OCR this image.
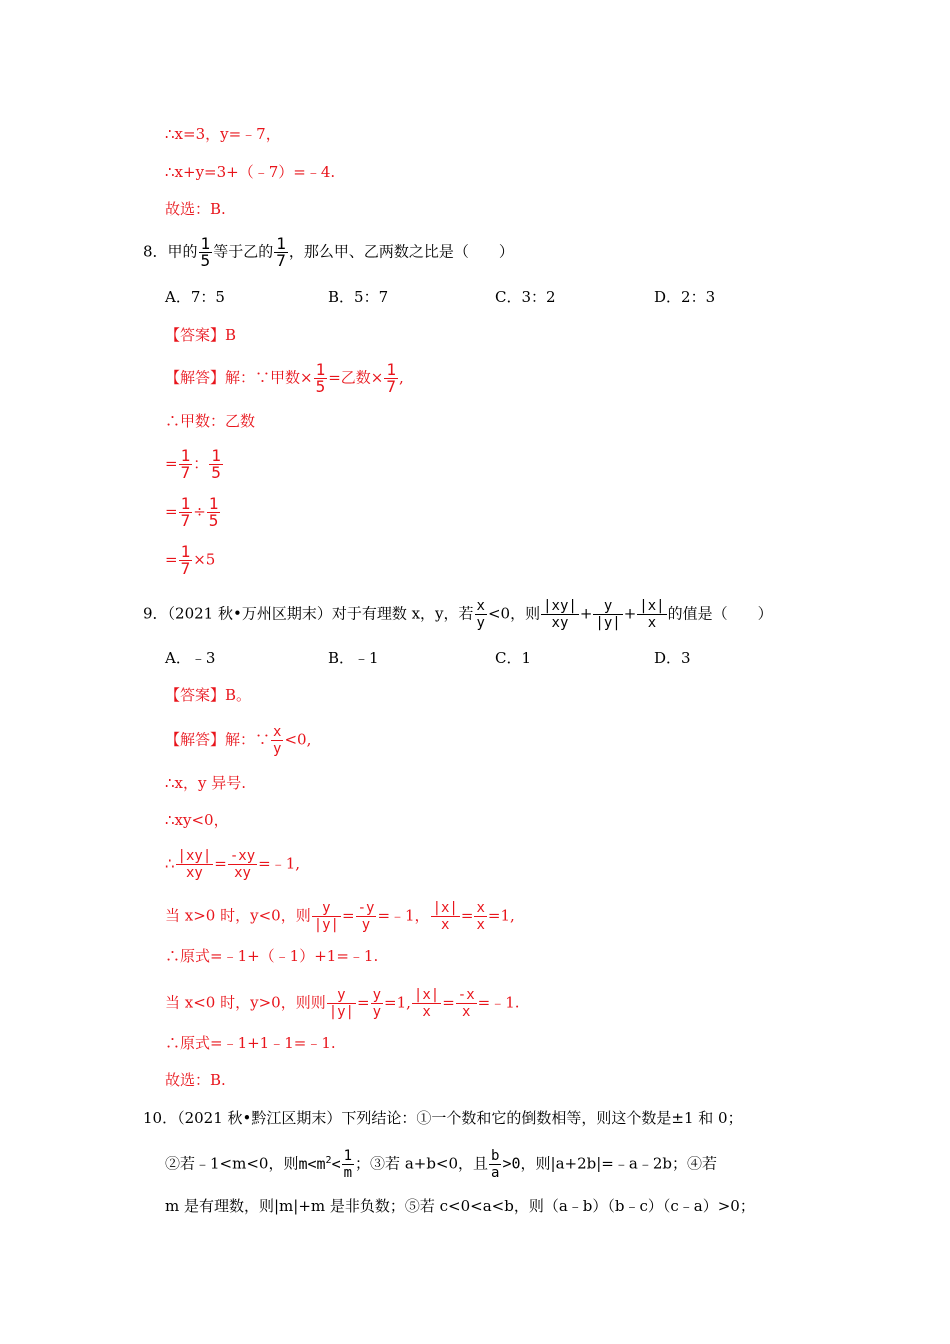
∴x=3，y=﹣7，
∴x+y=3+（﹣7）=﹣4.
故选：B.
8．甲的 $\frac{1}{5}$ 等于乙的 $\frac{1}{7}$ ，那么甲、乙两数之比是（　　）
A．7：5	B．5：7	C．3：2	D．2：3
【答案】B
【解答】解：∵甲数× $\frac{1}{5}$ =乙数× $\frac{1}{7}$ ,
∴甲数：乙数
= $\frac{1}{7}$ ： $\frac{1}{5}$
= $\frac{1}{7} \div \frac{1}{5}$
= $\frac{1}{7} \times 5$
9．（2021 秋•万州区期末）对于有理数 x，y，若 $\frac{x}{y} <0$，则 $\frac{|xy|}{xy} + \frac{y}{|y|} + \frac{|x|}{x}$ 的值是（　　）
A．﹣3	B．﹣1	C．1	D．3
【答案】B。
【解答】解：∵ $\frac{x}{y} <0$,
∴x，y 异号.
∴xy<0，
∴ $\frac{|xy|}{xy} = \frac{-xy}{xy}$ =﹣1,
当 x>0 时，y<0，则 $\frac{y}{|y|} = \frac{-y}{y}$ =﹣1， $\frac{|x|}{x} = \frac{x}{x} =1$,
∴原式=﹣1+（﹣1）+1=﹣1.
当 x<0 时，y>0，则则 $\frac{y}{|y|} = \frac{y}{y} =1$, $\frac{|x|}{x} = \frac{-x}{x}$ =﹣1.
∴原式=﹣1+1﹣1=﹣1.
故选：B.
10．（2021 秋•黔江区期末）下列结论：①一个数和它的倒数相等，则这个数是±1 和 0；
②若﹣1<m<0，则$m<m^2< \frac{1}{m}$ ；③若 a+b<0，且 $\frac{b}{a} >0$，则|a+2b|=﹣a﹣2b；④若
m 是有理数，则|m|+m 是非负数；⑤若 c<0<a<b，则（a﹣b）（b﹣c）（c﹣a）>0；
